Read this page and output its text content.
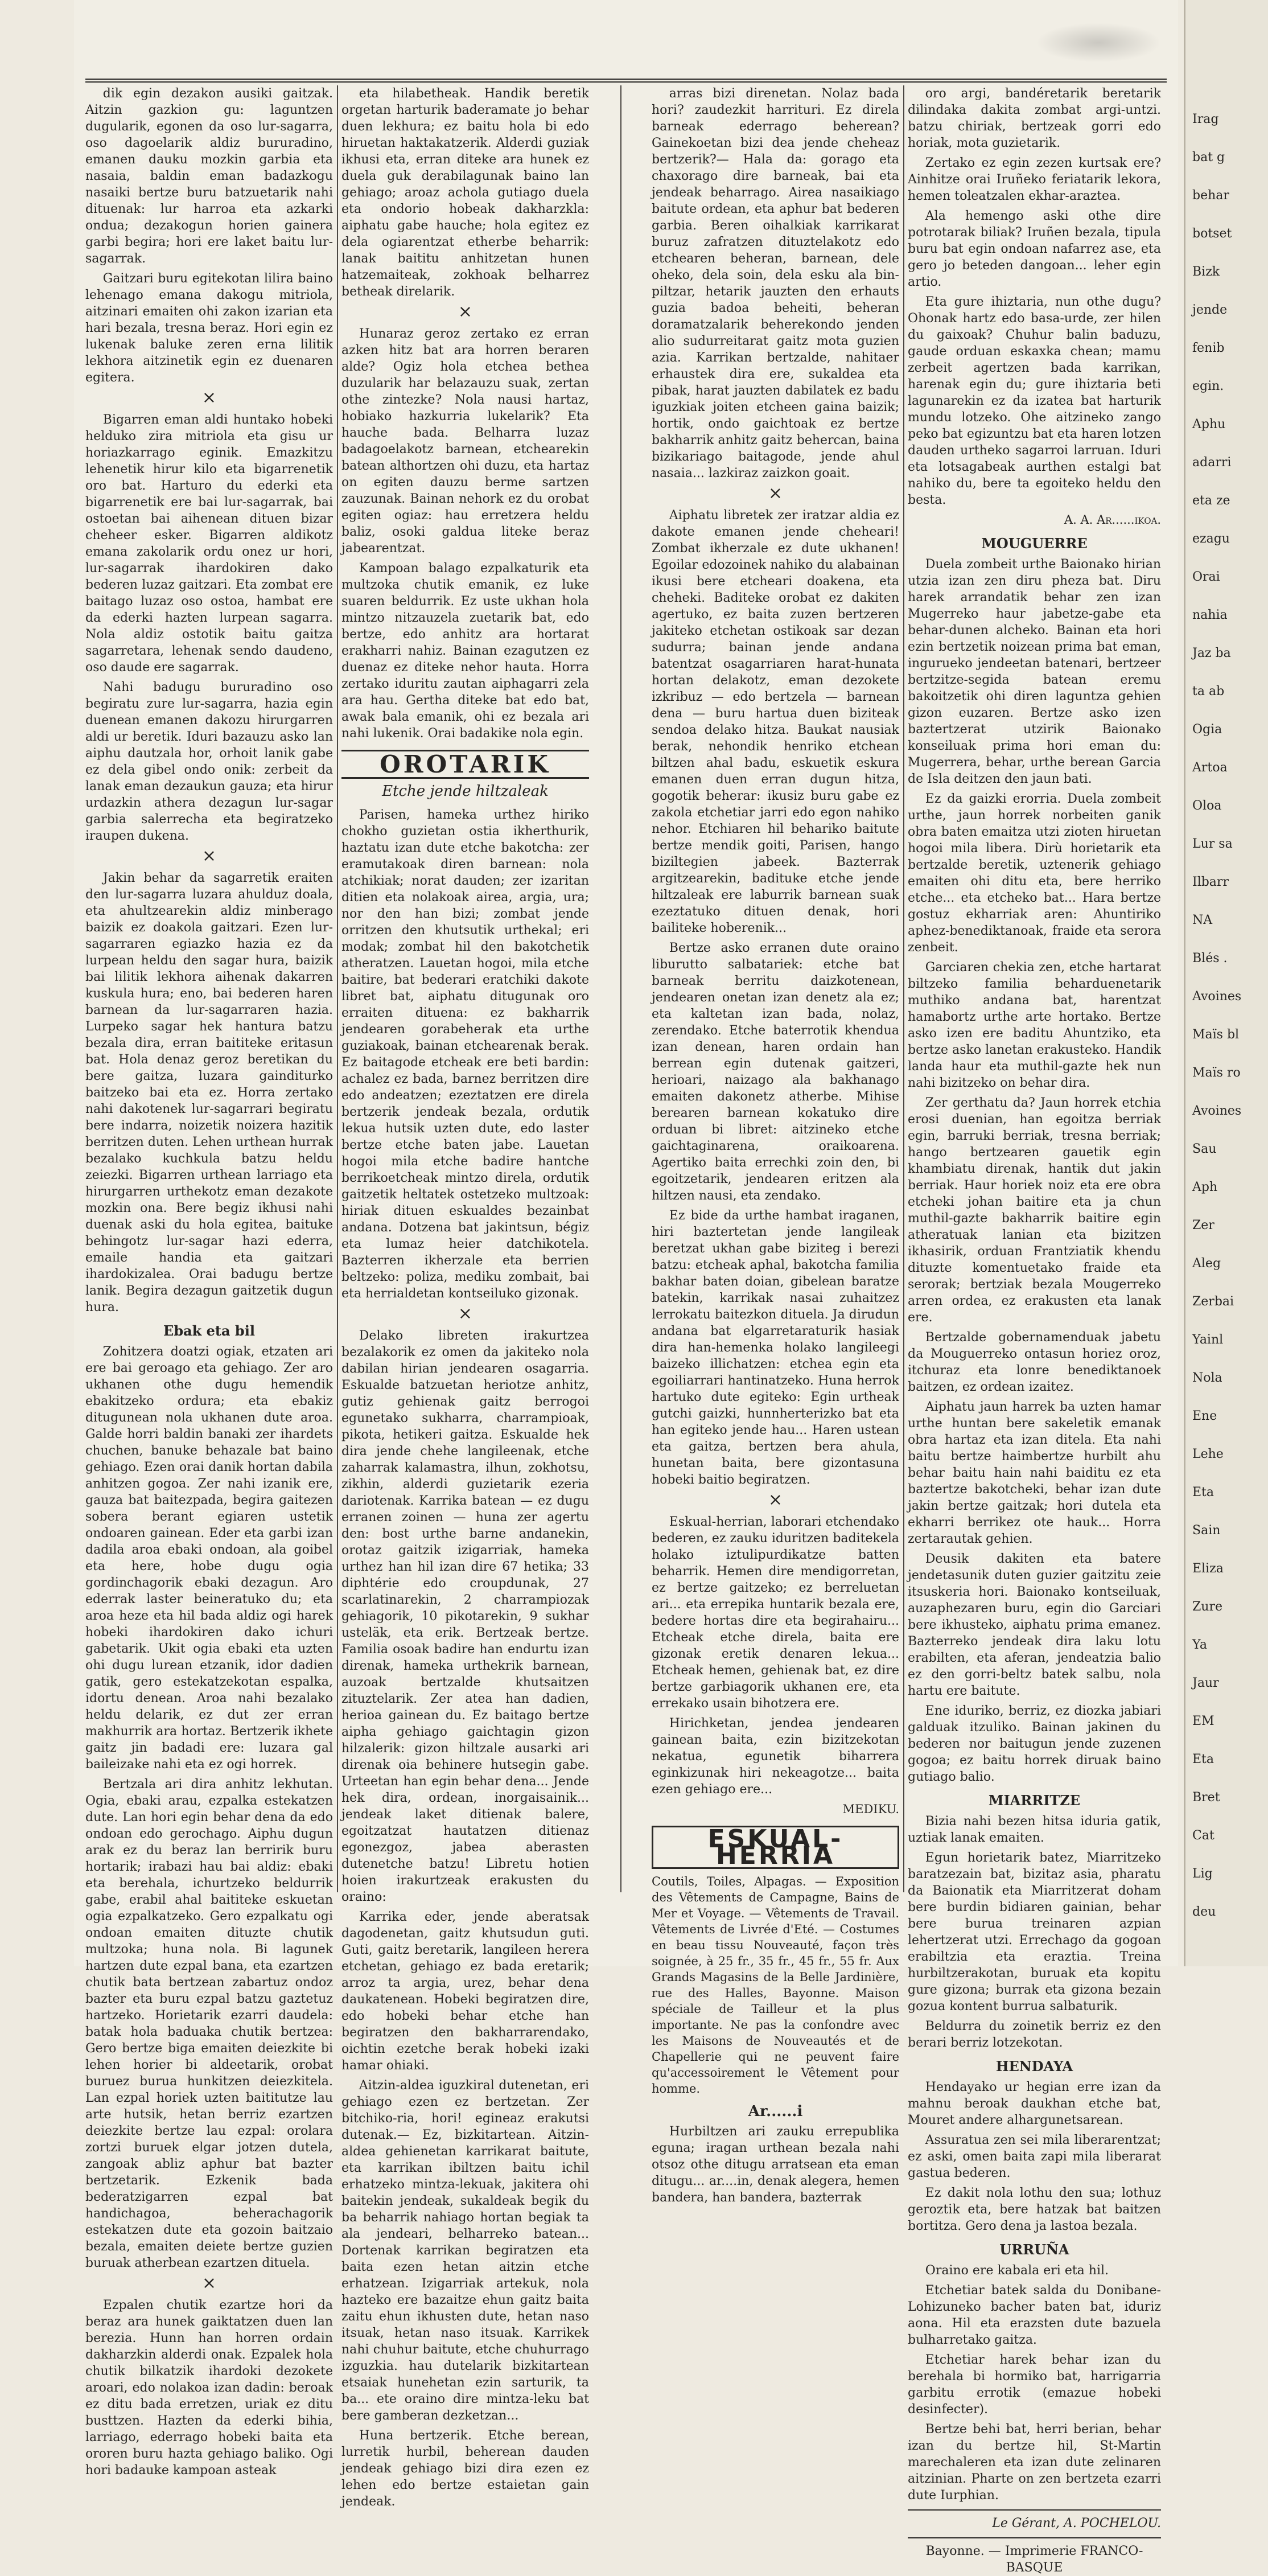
dik egin dezakon ausiki gaitzak. Aitzin gazkion gu: laguntzen dugularik, egonen da oso lur-sagarra, oso dagoelarik aldiz bururadino, emanen dauku mozkin garbia eta nasaia, baldin eman badazkogu nasaiki bertze buru batzuetarik nahi dituenak: lur harroa eta azkarki ondua; dezakogun horien gainera garbi begira; hori ere laket baitu lur-sagarrak.

Gaitzari buru egitekotan lilira baino lehenago emana dakogu mitriola, aitzinari emaiten ohi zakon izarian eta hari bezala, tresna beraz. Hori egin ez lukenak baluke zeren erna lilitik lekhora aitzinetik egin ez duenaren egitera.

×

Bigarren eman aldi huntako hobeki helduko zira mitriola eta gisu ur horiazkarrago eginik. Emazkitzu lehenetik hirur kilo eta bigarrenetik oro bat. Harturo du ederki eta bigarrenetik ere bai lur-sagarrak, bai ostoetan bai aihenean dituen bizar cheheer esker. Bigarren aldikotz emana zakolarik ordu onez ur hori, lur-sagarrak ihardokiren dako bederen luzaz gaitzari. Eta zombat ere baitago luzaz oso ostoa, hambat ere da ederki hazten lurpean sagarra. Nola aldiz ostotik baitu gaitza sagarretara, lehenak sendo daudeno, oso daude ere sagarrak.

Nahi badugu bururadino oso begiratu zure lur-sagarra, hazia egin duenean emanen dakozu hirurgarren aldi ur beretik. Iduri bazauzu asko lan aiphu dautzala hor, orhoit lanik gabe ez dela gibel ondo onik: zerbeit da lanak eman dezaukun gauza; eta hirur urdazkin athera dezagun lur-sagar garbia salerrecha eta begiratzeko iraupen dukena.

×

Jakin behar da sagarretik eraiten den lur-sagarra luzara ahulduz doala, eta ahultzearekin aldiz minberago baizik ez doakola gaitzari. Ezen lur-sagarraren egiazko hazia ez da lurpean heldu den sagar hura, baizik bai lilitik lekhora aihenak dakarren kuskula hura; eno, bai bederen haren barnean da lur-sagarraren hazia. Lurpeko sagar hek hantura batzu bezala dira, erran baititeke eritasun bat. Hola denaz geroz beretikan du bere gaitza, luzara gainditurko baitzeko bai eta ez. Horra zertako nahi dakotenek lur-sagarrari begiratu bere indarra, noizetik noizera hazitik berritzen duten. Lehen urthean hurrak bezalako kuchkula batzu heldu zeiezki. Bigarren urthean larriago eta hirurgarren urthekotz eman dezakote mozkin ona. Bere begiz ikhusi nahi duenak aski du hola egitea, baituke behingotz lur-sagar hazi ederra, emaile handia eta gaitzari ihardokizalea. Orai badugu bertze lanik. Begira dezagun gaitzetik dugun hura.

Ebak eta bil

Zohitzera doatzi ogiak, etzaten ari ere bai geroago eta gehiago. Zer aro ukhanen othe dugu hemendik ebakitzeko ordura; eta ebakiz ditugunean nola ukhanen dute aroa. Galde horri baldin banaki zer ihardets chuchen, banuke behazale bat baino gehiago. Ezen orai danik hortan dabila anhitzen gogoa. Zer nahi izanik ere, gauza bat baitezpada, begira gaitezen sobera berant egiaren ustetik ondoaren gainean. Eder eta garbi izan dadila aroa ebaki ondoan, ala goibel eta here, hobe dugu ogia gordinchagorik ebaki dezagun. Aro ederrak laster beineratuko du; eta aroa heze eta hil bada aldiz ogi harek hobeki ihardokiren dako ichuri gabetarik. Ukit ogia ebaki eta uzten ohi dugu lurean etzanik, idor dadien gatik, gero estekatzekotan espalka, idortu denean. Aroa nahi bezalako heldu delarik, ez dut zer erran makhurrik ara hortaz. Bertzerik ikhete gaitz jin badadi ere: luzara gal baileizake nahi eta ez ogi horrek.

Bertzala ari dira anhitz lekhutan. Ogia, ebaki arau, ezpalka estekatzen dute. Lan hori egin behar dena da edo ondoan edo gerochago. Aiphu dugun arak ez du beraz lan berririk buru hortarik; irabazi hau bai aldiz: ebaki eta berehala, ichurtzeko beldurrik gabe, erabil ahal baititeke eskuetan ogia ezpalkatzeko. Gero ezpalkatu ogi ondoan emaiten dituzte chutik multzoka; huna nola. Bi lagunek hartzen dute ezpal bana, eta ezartzen chutik bata bertzean zabartuz ondoz bazter eta buru ezpal batzu gaztetuz hartzeko. Horietarik ezarri daudela: batak hola baduaka chutik bertzea: Gero bertze biga emaiten deiezkite bi lehen horier bi aldeetarik, orobat buruez burua hunkitzen deiezkitela. Lan ezpal horiek uzten baititutze lau arte hutsik, hetan berriz ezartzen deiezkite bertze lau ezpal: orolara zortzi buruek elgar jotzen dutela, zangoak abliz aphur bat bazter bertzetarik. Ezkenik bada bederatzigarren ezpal bat handichagoa, beherachagorik estekatzen dute eta gozoin baitzaio bezala, emaiten deiete bertze guzien buruak atherbean ezartzen dituela.

×

Ezpalen chutik ezartze hori da beraz ara hunek gaiktatzen duen lan berezia. Hunn han horren ordain dakharzkin alderdi onak. Ezpalek hola chutik bilkatzik ihardoki dezokete aroari, edo nolakoa izan dadin: beroak ez ditu bada erretzen, uriak ez ditu busttzen. Hazten da ederki bihia, larriago, ederrago hobeki baita eta ororen buru hazta gehiago baliko. Ogi hori badauke kampoan asteak

eta hilabetheak. Handik beretik orgetan harturik baderamate jo behar duen lekhura; ez baitu hola bi edo hiruetan haktakatzerik. Alderdi guziak ikhusi eta, erran diteke ara hunek ez duela guk derabilagunak baino lan gehiago; aroaz achola gutiago duela eta ondorio hobeak dakharzkla: aiphatu gabe hauche; hola egitez ez dela ogiarentzat etherbe beharrik: lanak baititu anhitzetan hunen hatzemaiteak, zokhoak belharrez betheak direlarik.

×

Hunaraz geroz zertako ez erran azken hitz bat ara horren beraren alde? Ogiz hola etchea betheа duzularik har belazauzu suak, zertan othe zintezke? Nola nausi hartaz, hobiako hazkurria lukelarik? Eta hauche bada. Belharra luzaz badagoelakotz barnean, etchearekin batean althortzen ohi duzu, eta hartaz on egiten dauzu berme sartzen zauzunak. Bainan nehork ez du orobat egiten ogiaz: hau erretzera heldu baliz, osoki galdua liteke beraz jabearentzat.

Kampoan balago ezpalkaturik eta multzoka chutik emanik, ez luke suaren beldurrik. Ez uste ukhan hola mintzo nitzauzela zuetarik bat, edo bertze, edo anhitz ara hortarat erakharri nahiz. Bainan ezagutzen ez duenaz ez diteke nehor hauta. Horra zertako iduritu zautan aiphagarri zela ara hau. Gertha diteke bat edo bat, awak bala emanik, ohi ez bezala ari nahi lukenik. Orai badakike nola egin.

OROTARIK
Etche jende hiltzaleak

Parisen, hameka urthez hiriko chokho guzietan ostia ikherthurik, haztatu izan dute etche bakotcha: zer eramutakoak diren barnean: nola atchikiak; norat dauden; zer izaritan ditien eta nolakoak airea, argia, ura; nor den han bizi; zombat jende orritzen den khutsutik urthekal; eri modak; zombat hil den bakotchetik atheratzen. Lauetan hogoi, mila etche baitire, bat bederari eratchiki dakote libret bat, aiphatu ditugunak oro erraiten dituena: ez bakharrik jendearen gorabeherak eta urthe guziakoak, bainan etchearenak berak. Ez baitagode etcheak ere beti bardin: achalez ez bada, barnez berritzen dire edo andeatzen; ezeztatzen ere direla bertzerik jendeak bezala, ordutik lekua hutsik uzten dute, edo laster bertze etche baten jabe. Lauetan hogoi mila etche badire hantche berrikoetcheak mintzo direla, ordutik gaitzetik heltatek ostetzeko multzoak: hiriak dituen eskualdes bezainbat andana. Dotzena bat jakintsun, bégiz eta lumaz heier datchikotela. Bazterren ikherzale eta berrien beltzeko: poliza, mediku zombait, bai eta herrialdetan kontseiluko gizonak.

×

Delako libreten irakurtzea bezalakorik ez omen da jakiteko nola dabilan hirian jendearen osagarria. Eskualde batzuetan heriotze anhitz, gutiz gehienak gaitz berrogoi egunetako sukharra, charrampioak, pikota, hetikeri gaitza. Eskualde hek dira jende chehe langileenak, etche zaharrak kalamastra, ilhun, zokhotsu, zikhin, alderdi guzietarik ezeria dariotenak. Karrika batean — ez dugu erranen zoinen — huna zer agertu den: bost urthe barne andanekin, orotaz gaitzik izigarriak, hameka urthez han hil izan dire 67 hetika; 33 diphtérie edo croupdunak, 27 scarlatinarekin, 2 charrampiozak gehiagorik, 10 pikotarekin, 9 sukhar usteläk, eta erik. Bertzeak bertze. Familia osoak badire han endurtu izan direnak, hameka urthekrik barnean, auzoak bertzalde khutsaitzen zituztelarik. Zer atea han dadien, herioa gainean du. Ez baitago bertze aipha gehiago gaichtagin gizon hilzalerik: gizon hiltzale ausarki ari direnak oia behinere hutsegin gabe. Urteetan han egin behar dena... Jende hek dira, ordean, inorgaisainik... jendeak laket ditienak balere, egoitzatzat hautatzen ditienaz egonezgoz, jabea aberasten dutenetche batzu! Libretu hotien hoien irakurtzeak erakusten du oraino:

Karrika eder, jende aberatsak dagodenetan, gaitz khutsudun guti. Guti, gaitz beretarik, langileen herera etchetan, gehiago ez bada eretarik; arroz ta argia, urez, behar dena daukatenean. Hobeki begiratzen dire, edo hobeki behar etche han begiratzen den bakharrarendako, oichtin ezetche berak hobeki izaki hamar ohiaki.

Aitzin-aldea iguzkiral dutenetan, eri gehiago ezen ez bertzetan. Zer bitchiko-ria, hori! egineaz erakutsi dutenak.— Ez, bizkitartean. Aitzin-aldea gehienetan karrikarat baitute, eta karrikan ibiltzen baitu ichil erhatzeko mintza-lekuak, jakitera ohi baitekin jendeak, sukaldeak begik du ba beharrik nahiago hortan begiak ta ala jendeari, belharreko batean... Dortenak karrikan begiratzen eta baita ezen hetan aitzin etche erhatzean. Izigarriak artekuk, nola hazteko ere bazaitze ehun gaitz baita zaitu ehun ikhusten dute, hetan naso itsuak, hetan naso itsuak. Karrikek nahi chuhur baitute, etche chuhurrago izguzkia. hau dutelarik bizkitartean etsaiak hunehetan ezin sarturik, ta ba... ete oraino dire mintza-leku bat bere gamberan dezketzan...

Huna bertzerik. Etche berean, lurretik hurbil, beherean dauden jendeak gehiago bizi dira ezen ez lehen edo bertze estaietan gain jendeak.

arras bizi direnetan. Nolaz bada hori? zaudezkit harrituri. Ez direla barneak ederrago beherean? Gainekoetan bizi dea jende cheheaz bertzerik?— Hala da: gorago eta chaxorago dire barneak, bai eta jendeak beharrago. Airea nasaikiago baitute ordean, eta aphur bat bederen garbia. Beren oihalkiak karrikarat buruz zafratzen dituztelakotz edo etchearen beheran, barnean, dele oheko, dela soin, dela esku ala bin-piltzar, hetarik jauzten den erhauts guzia badoa beheiti, beheran doramatzalarik beherekondo jenden alio sudurreitarat gaitz mota guzien azia. Karrikan bertzalde, nahitaer erhaustek dira ere, sukaldea eta pibak, harat jauzten dabilatek ez badu iguzkiak joiten etcheen gaina baizik; hortik, ondo gaichtoak ez bertze bakharrik anhitz gaitz behercan, baina bizikariago baitagode, jende ahul nasaia... lazkiraz zaizkon goait.

×

Aiphatu libretek zer iratzar aldia ez dakote emanen jende cheheari! Zombat ikherzale ez dute ukhanen! Egoilar edozoinek nahiko du alabainan ikusi bere etcheari doakena, eta cheheki. Baditeke orobat ez dakiten agertuko, ez baita zuzen bertzeren jakiteko etchetan ostikoak sar dezan sudurra; bainan jende andana batentzat osagarriaren harat-hunata hortan delakotz, eman dezokete izkribuz — edo bertzela — barnean dena — buru hartua duen biziteak sendoa delako hitza. Baukat nausiak berak, nehondik henriko etchean biltzen ahal badu, eskuetik eskura emanen duen erran dugun hitza, gogotik beherar: ikusiz buru gabe ez zakola etchetiar jarri edo egon nahiko nehor. Etchiaren hil behariko baitute bertze mendik goiti, Parisen, hango biziltegien jabeek. Bazterrak argitzearekin, badituke etche jende hiltzaleak ere laburrik barnean suak ezeztatuko dituen denak, hori bailiteke hoberenik...

Bertze asko erranen dute oraino liburutto salbatariek: etche bat barneak berritu daizkotenean, jendearen onetan izan denetz ala ez; eta kaltetan izan bada, nolaz, zerendako. Etche baterrotik khendua izan denean, haren ordain han berrean egin dutenak gaitzeri, herioari, naizago ala bakhanago emaiten dakonetz atherbe. Mihise berearen barnean kokatuko dire orduan bi libret: aitzineko etche gaichtaginarena, oraikoarena. Agertiko baita errechki zoin den, bi egoitzetarik, jendearen eritzen ala hiltzen nausi, eta zendako.

Ez bide da urthe hambat iraganen, hiri baztertetan jende langileak beretzat ukhan gabe biziteg i berezi batzu: etcheak aphal, bakotcha familia bakhar baten doian, gibelean baratze batekin, karrikak nasai zuhaitzez lerrokatu baitezkon dituela. Ja dirudun andana bat elgarretaraturik hasiak dira han-hemenka holako langileegi baizeko illichatzen: etchea egin eta egoiliarrari hantinatzeko. Huna herrok hartuko dute egiteko: Egin urtheak gutchi gaizki, hunnherterizko bat eta han egiteko jende hau... Haren ustean eta gaitza, bertzen bera ahula, hunetan baita, bere gizontasuna hobeki baitio begiratzen.

×

Eskual-herrian, laborari etchendako bederen, ez zauku iduritzen baditekela holako iztulipurdikatze batten beharrik. Hemen dire mendigorretan, ez bertze gaitzeko; ez berreluetan ari... eta errepika huntarik bezala ere, bedere hortas dire eta begirahairu... Etcheak etche direla, baita ere gizonak eretik denaren lekua... Etcheak hemen, gehienak bat, ez dire bertze garbiagorik ukhanen ere, eta errekako usain bihotzera ere.

Hirichketan, jendea jendearen gainean baita, ezin bizitzekotan nekatua, egunetik biharrera eginkizunak hiri nekeagotze... baita ezen gehiago ere...

MEDIKU.
ESKUAL-HERRIA
Coutils, Toiles, Alpagas. — Exposition des Vêtements de Campagne, Bains de Mer et Voyage. — Vêtements de Travail. Vêtements de Livrée d'Eté. — Costumes en beau tissu Nouveauté, façon très soignée, à 25 fr., 35 fr., 45 fr., 55 fr. Aux Grands Magasins de la Belle Jardinière, rue des Halles, Bayonne. Maison spéciale de Tailleur et la plus importante. Ne pas la confondre avec les Maisons de Nouveautés et de Chapellerie qui ne peuvent faire qu'accessoirement le Vêtement pour homme.
Ar......i

Hurbiltzen ari zauku errepublika eguna; iragan urthean bezala nahi otsoz othe ditugu arratsean eta eman ditugu... ar....in, denak alegera, hemen bandera, han bandera, bazterrak

oro argi, bandéretarik beretarik dilindaka dakita zombat argi-untzi. batzu chiriak, bertzeak gorri edo horiak, mota guzietarik.

Zertako ez egin zezen kurtsak ere? Ainhitze orai Iruñeko feriatarik lekora, hemen toleatzalen ekhar-araztea.

Ala hemengo aski othe dire potrotarak biliak? Iruñen bezala, tipula buru bat egin ondoan nafarrez ase, eta gero jo beteden dangoan... leher egin artio.

Eta gure ihiztaria, nun othe dugu? Ohonak hartz edo basa-urde, zer hilen du gaixoak? Chuhur balin baduzu, gaude orduan eskaxka chean; mamu zerbeit agertzen bada karrikan, harenak egin du; gure ihiztaria beti lagunarekin ez da izatea bat harturik mundu lotzeko. Ohe aitzineko zango peko bat egizuntzu bat eta haren lotzen dauden urtheko sagarroi larruan. Iduri eta lotsagabeak aurthen estalgi bat nahiko du, bere ta egoiteko heldu den besta.

A. A. Ar......ikoa.
MOUGUERRE

Duela zombeit urthe Baionako hirian utzia izan zen diru pheza bat. Diru harek arrandatik behar zen izan Mugerreko haur jabetze-gabe eta behar-dunen alcheko. Bainan eta hori ezin bertzetik noizean prima bat eman, ingurueko jendeetan batenari, bertzeer bertzitze-segida batean eremu bakoitzetik ohi diren laguntza gehien gizon euzaren. Bertze asko izen baztertzerat utzirik Baionako konseiluak prima hori eman du: Mugerrera, behar, urthe berean Garcia de Isla deitzen den jaun bati.

Ez da gaizki erorria. Duela zombeit urthe, jaun horrek norbeiten ganik obra baten emaitza utzi zioten hiruetan hogoi mila libera. Dirù horietarik eta bertzalde beretik, uztenerik gehiago emaiten ohi ditu eta, bere herriko etche... eta etcheko bat... Hara bertze gostuz ekharriak aren: Ahuntiriko aphez-benediktanoak, fraide eta serora zenbeit.

Garciaren chekia zen, etche hartarat biltzeko familia beharduenetarik muthiko andana bat, harentzat hamabortz urthe arte hortako. Bertze asko izen ere baditu Ahuntziko, eta bertze asko lanetan erakusteko. Handik landa haur eta muthil-gazte hek nun nahi bizitzeko on behar dira.

Zer gerthatu da? Jaun horrek etchia erosi duenian, han egoitza berriak egin, barruki berriak, tresna berriak; hango bertzearen gauetik egin khambiatu direnak, hantik dut jakin berriak. Haur horiek noiz eta ere obra etcheki johan baitire eta ja chun muthil-gazte bakharrik baitire egin atheratuak lanian eta bizitzen ikhasirik, orduan Frantziatik khendu dituzte komentuetako fraide eta serorak; bertziak bezala Mougerreko arren ordea, ez erakusten eta lanak ere.

Bertzalde gobernamenduak jabetu da Mouguerreko ontasun horiez oroz, itchuraz eta lonre benediktanoek baitzen, ez ordean izaitez.

Aiphatu jaun harrek ba uzten hamar urthe huntan bere sakeletik emanak obra hartaz eta izan ditela. Eta nahi baitu bertze haimbertze hurbilt ahu behar baitu hain nahi baiditu ez eta baztertze bakotcheki, behar izan dute jakin bertze gaitzak; hori dutela eta ekharri berrikez ote hauk... Horra zertarautak gehien.

Deusik dakiten eta batere jendetasunik duten guzier gaitzitu zeie itsuskeria hori. Baionako kontseiluak, auzaphezaren buru, egin dio Garciari bere ikhusteko, aiphatu prima emanez. Bazterreko jendeak dira laku lotu erabilten, eta aferan, jendeatzia balio ez den gorri-beltz batek salbu, nola hartu ere baitute.

Ene iduriko, berriz, ez diozka jabiari galduak itzuliko. Bainan jakinen du bederen nor baitugun jende zuzenen gogoa; ez baitu horrek diruak baino gutiago balio.

MIARRITZE

Bizia nahi bezen hitsa iduria gatik, uztiak lanak emaiten.

Egun horietarik batez, Miarritzeko baratzezain bat, bizitaz asia, pharatu da Baionatik eta Miarritzerat doham bere burdin bidiaren gainian, behar bere burua treinaren azpian lehertzerat utzi. Errechago da gogoan erabiltzia eta eraztia. Treina hurbiltzerakotan, buruak eta kopitu gure gizona; burrak eta gizona bezain gozua kontent burrua salbaturik.

Beldurra du zoinetik berriz ez den berari berriz lotzekotan.

HENDAYA

Hendayako ur hegian erre izan da mahnu beroak daukhan etche bat, Mouret andere alhargunetsarean.

Assuratua zen sei mila liberarentzat; ez aski, omen baita zapi mila liberarat gastua bederen.

Ez dakit nola lothu den sua; lothuz geroztik eta, bere hatzak bat baitzen bortitza. Gero dena ja lastoa bezala.

URRUÑA

Oraino ere kabala eri eta hil.

Etchetiar batek salda du Donibane-Lohizuneko bacher baten bat, iduriz aona. Hil eta erazsten dute bazuela bulharretako gaitza.

Etchetiar harek behar izan du berehala bi hormiko bat, harrigarria garbitu errotik (emazue hobeki desinfecter).

Bertze behi bat, herri berian, behar izan du bertze hil, St-Martin marechaleren eta izan dute zelinaren aitzinian. Pharte on zen bertzeta ezarri dute Iurphian.

Le Gérant, A. POCHELOU.
Bayonne. — Imprimerie FRANCO-BASQUE
Irag
bat g
behar
botset
Bizk
jende
fenib
egin.
Aphu
adarri
eta ze
ezagu
Orai
nahia
Jaz ba
ta ab
Ogia
Artoa
Oloa
Lur sa
Ilbarr
NA
Blés .
Avoines
Maïs bl
Maïs ro
Avoines
Sau
Aph
Zer
Aleg
Zerbai
Yainl
Nola
Ene
Lehe
Eta
Sain
Eliza
Zure
Ya
Jaur
EM
Eta
Bret
Cat
Lig
deu
